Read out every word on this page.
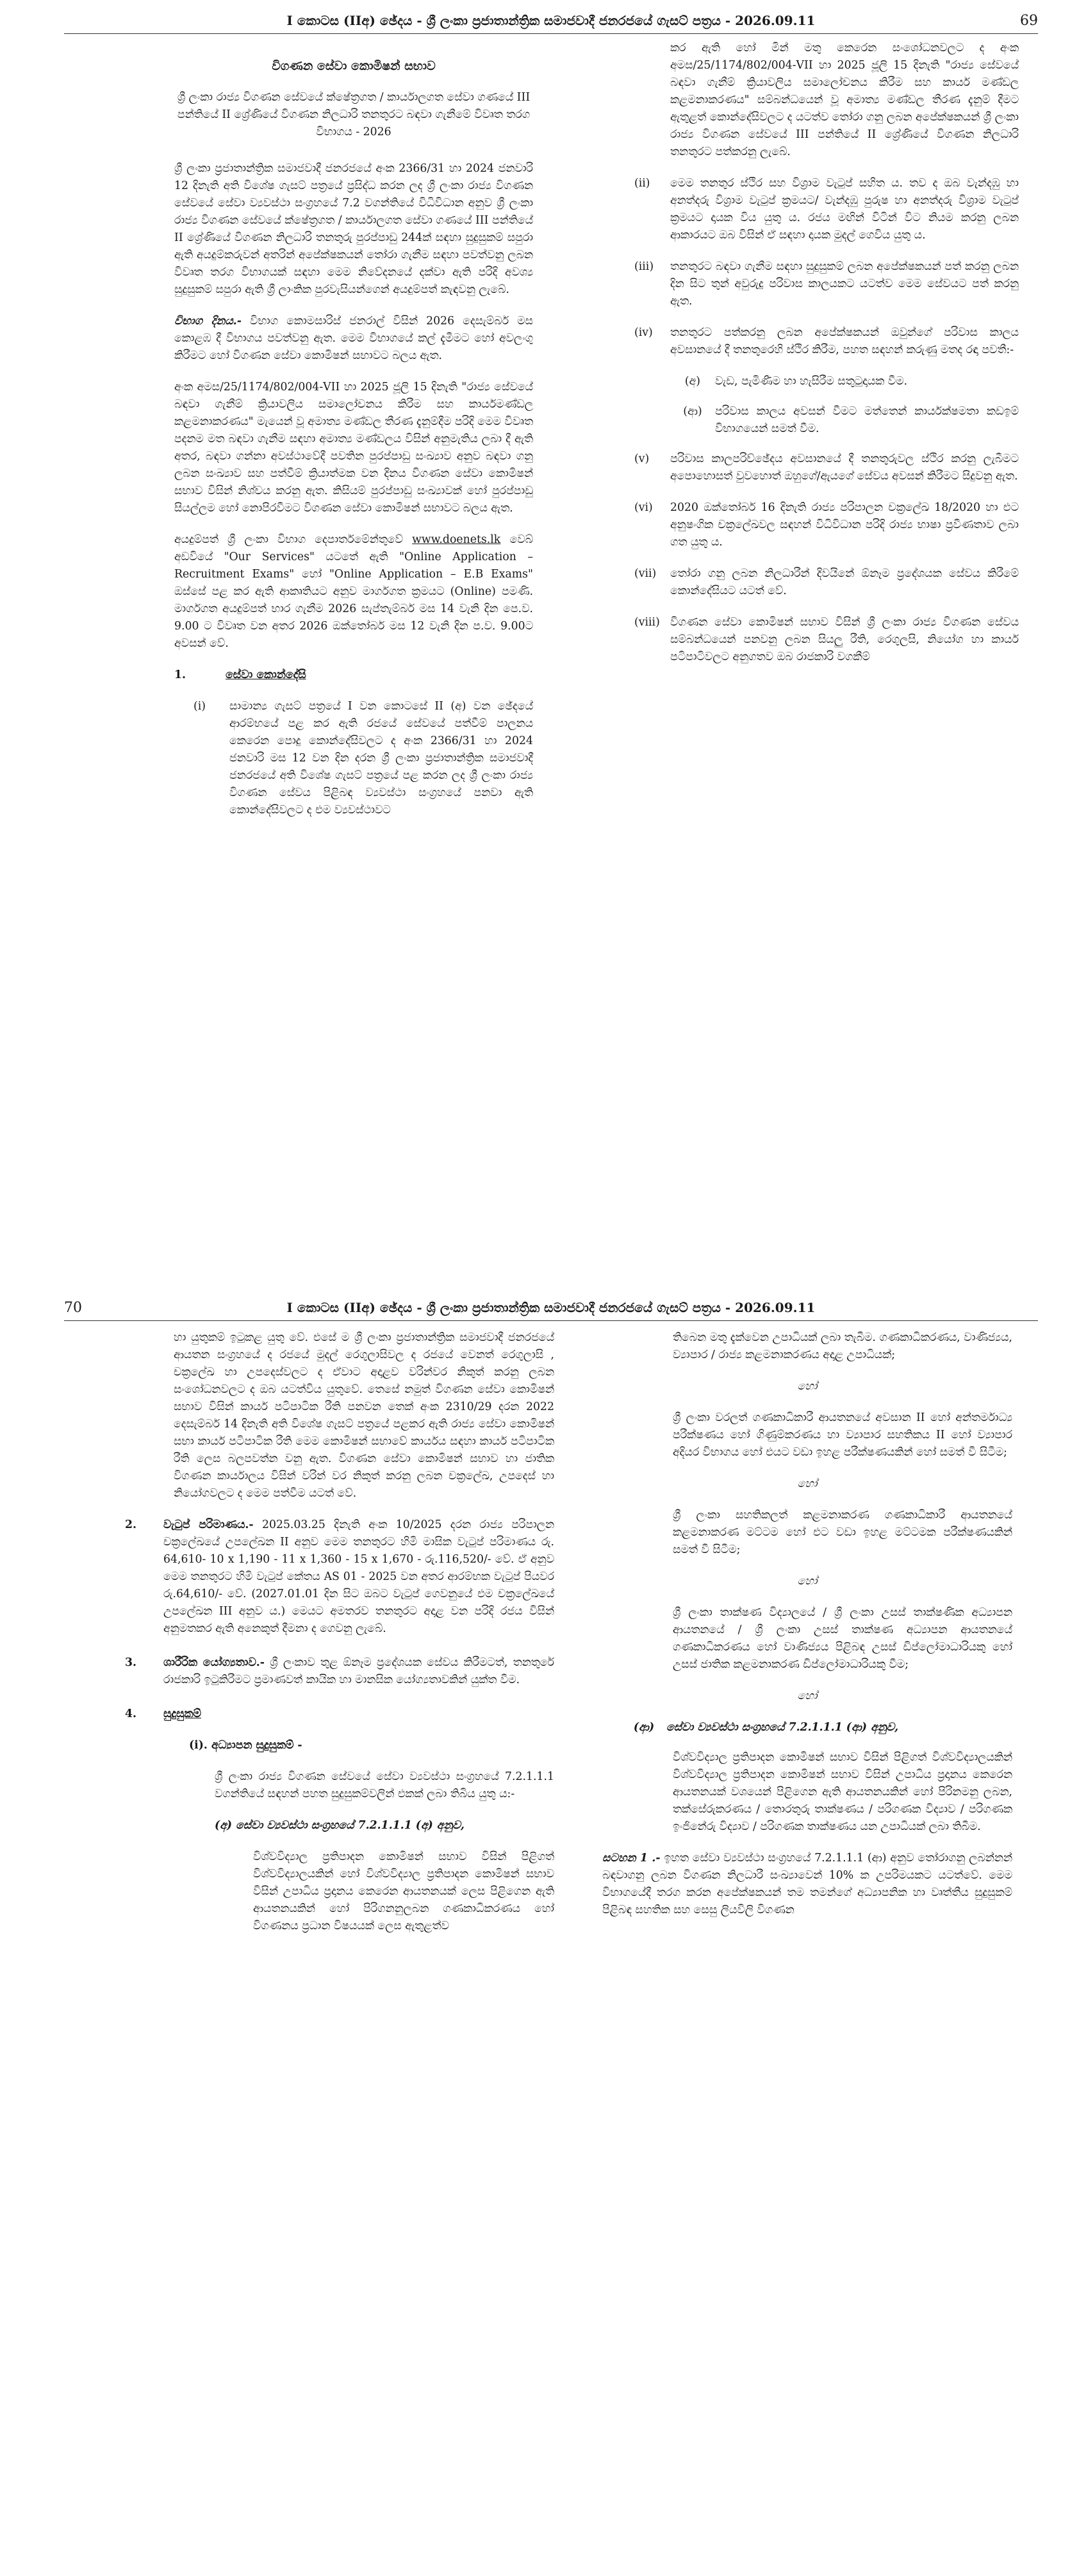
I කොටස (IIඅ) ඡේදය - ශ්‍රී ලංකා ප්‍රජාතාන්ත්‍රික සමාජවාදී ජනරජයේ ගැසට් පත්‍රය - 2026.09.11	69
විගණන සේවා කොමිෂන් සභාව

ශ්‍රී ලංකා රාජ්‍ය විගණන සේවයේ ක්ෂේත්‍රගත / කාර්යාලගත සේවා ගණයේ III පන්තියේ II ශ්‍රේණියේ විගණන නිලධාරි තනතුරට බඳවා ගැනීමේ විවෘත තරග විභාගය - 2026

ශ්‍රී ලංකා ප්‍රජාතාන්ත්‍රික සමාජවාදී ජනරජයේ අංක 2366/31 හා 2024 ජනවාරි 12 දිනැති අති විශේෂ ගැසට් පත්‍රයේ ප්‍රසිද්ධ කරන ලද ශ්‍රී ලංකා රාජ්‍ය විගණන සේවයේ සේවා ව්‍යවස්ථා සංග්‍රහයේ 7.2 වගන්තියේ විධිවිධාන අනුව ශ්‍රී ලංකා රාජ්‍ය විගණන සේවයේ ක්ෂේත්‍රගත / කාර්යාලගත සේවා ගණයේ III පන්තියේ II ශ්‍රේණියේ විගණන නිලධාරි තනතුරු පුරප්පාඩු 244ක් සඳහා සුදුසුකම් සපුරා ඇති අයදුම්කරුවන් අතරින් අපේක්ෂකයන් තෝරා ගැනීම සඳහා පවත්වනු ලබන විවෘත තරග විභාගයක් සඳහා මෙම නිවේදනයේ දක්වා ඇති පරිදි අවශ්‍ය සුදුසුකම් සපුරා ඇති ශ්‍රී ලාංකික පුරවැසියන්ගෙන් අයදුම්පත් කැඳවනු ලැබේ.

විභාග දිනය.- විභාග කොමසාරිස් ජනරාල් විසින් 2026 දෙසැම්බර් මස කොළඹ දී විභාගය පවත්වනු ඇත. මෙම විභාගයේ කල් දැමීමට හෝ අවලංගු කිරීමට හෝ විගණන සේවා කොමිෂන් සභාවට බලය ඇත.

අංක අමස/25/1174/802/004-VII හා 2025 ජූලි 15 දිනැති "රාජ්‍ය සේවයේ බඳවා ගැනීම් ක්‍රියාවලිය සමාලෝචනය කිරීම සහ කාර්යමණ්ඩල කළමනාකරණය" මැයෙන් වූ අමාත්‍ය මණ්ඩල තීරණ දැනුම්දීම පරිදි මෙම විවෘත පදනම මත බඳවා ගැනීම සඳහා අමාත්‍ය මණ්ඩලය විසින් අනුමැතිය ලබා දී ඇති අතර, බඳවා ගන්නා අවස්ථාවේදී පවතින පුරප්පාඩු සංඛ්‍යාව අනුව බඳවා ගනු ලබන සංඛ්‍යාව සහ පත්වීම් ක්‍රියාත්මක වන දිනය විගණන සේවා කොමිෂන් සභාව විසින් නිශ්චය කරනු ඇත. කිසියම් පුරප්පාඩු සංඛ්‍යාවක් හෝ පුරප්පාඩු සියල්ලම හෝ නොපිරවීමට විගණන සේවා කොමිෂන් සභාවට බලය ඇත.

අයදුම්පත් ශ්‍රී ලංකා විභාග දෙපාර්තමේන්තුවේ www.doenets.lk වෙබ් අඩවියේ "Our Services" යටතේ ඇති "Online Application – Recruitment Exams" හෝ "Online Application – E.B Exams" ඔස්සේ පළ කර ඇති ආකෘතියට අනුව මාර්ගගත ක්‍රමයට (Online) පමණි. මාර්ගගත අයදුම්පත් භාර ගැනීම 2026 සැප්තැම්බර් මස 14 වැනි දින පෙ.ව. 9.00 ට විවෘත වන අතර 2026 ඔක්තෝබර් මස 12 වැනි දින ප.ව. 9.00ට අවසන් වේ.

1.	සේවා කොන්දේසි
(i)	සාමාන්‍ය ගැසට් පත්‍රයේ I වන කොටසේ II (අ) වන ඡේදයේ ආරම්භයේ පළ කර ඇති රජයේ සේවයේ පත්වීම් පාලනය කෙරෙන පොදු කොන්දේසිවලට ද අංක 2366/31 හා 2024 ජනවාරි මස 12 වන දින දරන ශ්‍රී ලංකා ප්‍රජාතාන්ත්‍රික සමාජවාදී ජනරජයේ අති විශේෂ ගැසට් පත්‍රයේ පළ කරන ලද ශ්‍රී ලංකා රාජ්‍ය විගණන සේවය පිළිබඳ ව්‍යවස්ථා සංග්‍රහයේ පනවා ඇති කොන්දේසිවලට ද එම ව්‍යවස්ථාවට

කර ඇති හෝ මින් මතු කෙරෙන සංශෝධනවලට ද අංක අමස/25/1174/802/004-VII හා 2025 ජූලි 15 දිනැති "රාජ්‍ය සේවයේ බඳවා ගැනීම් ක්‍රියාවලිය සමාලෝචනය කිරීම සහ කාර්ය මණ්ඩල කළමනාකරණය" සම්බන්ධයෙන් වූ අමාත්‍ය මණ්ඩල තීරණ දැනුම් දීමට ඇතුළත් කොන්දේසිවලට ද යටත්ව තෝරා ගනු ලබන අපේක්ෂකයන් ශ්‍රී ලංකා රාජ්‍ය විගණන සේවයේ III පන්තියේ II ශ්‍රේණියේ විගණන නිලධාරි තනතුරට පත්කරනු ලැබේ.

(ii)	මෙම තනතුර ස්ථිර සහ විශ්‍රාම වැටුප් සහිත ය. තව ද ඔබ වැන්දඹු හා අනත්දරු විශ්‍රාම වැටුප් ක්‍රමයට/ වැන්දඹු පුරුෂ හා අනත්දරු විශ්‍රාම වැටුප් ක්‍රමයට දායක විය යුතු ය. රජය මඟින් විටින් විට නියම කරනු ලබන ආකාරයට ඔබ විසින් ඒ සඳහා දායක මුදල් ගෙවිය යුතු ය.
(iii)	තනතුරට බඳවා ගැනීම සඳහා සුදුසුකම් ලබන අපේක්ෂකයන් පත් කරනු ලබන දින සිට තුන් අවුරුදු පරිවාස කාලයකට යටත්ව මෙම සේවයට පත් කරනු ඇත.
(iv)	තනතුරට පත්කරනු ලබන අපේක්ෂකයන් ඔවුන්ගේ පරිවාස කාලය අවසානයේ දී තනතුරෙහි ස්ථිර කිරීම, පහත සඳහන් කරුණු මතද රඳා පවතී:-
(අ)	වැඩ, පැමිණීම හා හැසිරීම සතුටුදායක වීම.
(ආ)	පරිවාස කාලය අවසන් වීමට මත්තෙන් කාර්යක්ෂමතා කඩඉම් විභාගයෙන් සමත් වීම.
(v)	පරිවාස කාලපරිච්ඡේදය අවසානයේ දී තනතුරුවල ස්ථිර කරනු ලැබීමට අපොහොසත් වුවහොත් ඔහුගේ/ඇයගේ සේවය අවසන් කිරීමට සිදුවනු ඇත.
(vi)	2020 ඔක්තෝබර් 16 දිනැති රාජ්‍ය පරිපාලන චක්‍රලේඛ 18/2020 හා එට අනුෂංගික චක්‍රලේඛවල සඳහන් විධිවිධාන පරිදි රාජ්‍ය භාෂා ප්‍රවීණතාව ලබා ගත යුතු ය.
(vii)	තෝරා ගනු ලබන නිලධාරීන් දිවයිනේ ඕනෑම ප්‍රදේශයක සේවය කිරීමේ කොන්දේසියට යටත් වේ.
(viii) විගණන සේවා කොමිෂන් සභාව විසින් ශ්‍රී ලංකා රාජ්‍ය විගණන සේවය සම්බන්ධයෙන් පනවනු ලබන සියලු රීති, රෙගුලසි, නියෝග හා කාර්ය පටිපාටිවලට අනුගතව ඔබ රාජකාරි වගකීම්
70	I කොටස (IIඅ) ඡේදය - ශ්‍රී ලංකා ප්‍රජාතාන්ත්‍රික සමාජවාදී ජනරජයේ ගැසට් පත්‍රය - 2026.09.11

හා යුතුකම් ඉටුකළ යුතු වේ. එසේ ම ශ්‍රී ලංකා ප්‍රජාතාන්ත්‍රික සමාජවාදී ජනරජයේ ආයතන සංග්‍රහයේ ද රජයේ මුදල් රෙගුලාසිවල ද රජයේ වෙනත් රෙගුලාසි , චක්‍රලේඛ හා උපදෙස්වලට ද ඒවාට අදාළව වරින්වර නිකුත් කරනු ලබන සංශෝධනවලට ද ඔබ යටත්විය යුතුවේ. තෙසේ නමුත් විගණන සේවා කොමිෂන් සභාව විසින් කාර්ය පටිපාටික රීති පනවන තෙක් අංක 2310/29 දරන 2022 දෙසැම්බර් 14 දිනැති අති විශේෂ ගැසට් පත්‍රයේ පළකර ඇති රාජ්‍ය සේවා කොමිෂන් සභා කාර්ය පටිපාටික රීති මෙම කොමිෂන් සභාවේ කාර්යය සඳහා කාර්ය පටිපාටික රීති ලෙස බලපවත්න වනු ඇත. විගණන සේවා කොමිෂන් සභාව හා ජාතික විගණන කාර්යාලය විසින් වරින් වර නිකුත් කරනු ලබන චක්‍රලේඛ, උපදෙස් හා නියෝගවලට ද මෙම පත්වීම යටත් වේ.

2.	වැටුප් පරිමාණය.- 2025.03.25 දිනැති අංක 10/2025 දරන රාජ්‍ය පරිපාලන චක්‍රලේඛයේ උපලේඛන II අනුව මෙම තනතුරට හිමි මාසික වැටුප් පරිමාණය රු. 64,610- 10 x 1,190 - 11 x 1,360 - 15 x 1,670 - රු.116,520/- වේ. ඒ අනුව මෙම තනතුරට හිමි වැටුප් කේතය AS 01 - 2025 වන අතර ආරම්භක වැටුප් පියවර රු.64,610/- වේ. (2027.01.01 දින සිට ඔබට වැටුප් ගෙවනුයේ එම චක්‍රලේඛයේ උපලේඛන III අනුව ය.) මෙයට අමතරව තනතුරට අදාළ වන පරිදි රජය විසින් අනුමතකර ඇති අනෙකුත් දීමනා ද ගෙවනු ලැබේ.
3.	ශාරීරික යෝග්‍යතාව.- ශ්‍රී ලංකාව තුළ ඕනෑම ප්‍රදේශයක සේවය කිරීමටත්, තනතුරේ රාජකාරි ඉටුකිරීමට ප්‍රමාණවත් කායික හා මානසික යෝග්‍යතාවකින් යුක්ත වීම.
4.	සුදුසුකම්

(i). අධ්‍යාපන සුදුසුකම් -

ශ්‍රී ලංකා රාජ්‍ය විගණන සේවයේ සේවා ව්‍යවස්ථා සංග්‍රහයේ 7.2.1.1.1 වගන්තියේ සඳහන් පහත සුදුසුකම්වලින් එකක් ලබා තිබිය යුතු ය:-

(අ) සේවා ව්‍යවස්ථා සංග්‍රහයේ 7.2.1.1.1 (අ) අනුව,

විශ්වවිද්‍යාල ප්‍රතිපාදන කොමිෂන් සභාව විසින් පිළිගත් විශ්වවිද්‍යාලයකින් හෝ විශ්වවිද්‍යාල ප්‍රතිපාදන කොමිෂන් සභාව විසින් උපාධිය ප්‍රදානය කෙරෙන ආයතනයක් ලෙස පිළිගෙන ඇති ආයතනයකින් හෝ පිරිගනනුලබන ගණකාධිකරණය හෝ විගණනය ප්‍රධාන විෂයයක් ලෙස ඇතුළත්ව

තිබෙන මතු දැක්වෙන උපාධියක් ලබා තැබීම. ගණකාධිකරණය, වාණිජ්‍යය, ව්‍යාපාර / රාජ්‍ය කළමනාකරණය අදාළ උපාධියක්;

හෝ

ශ්‍රී ලංකා වරලත් ගණකාධිකාරී ආයතනයේ අවසාන II හෝ අන්තර්මාධ්‍ය පරීක්ෂණය හෝ ගිණුම්කරණය හා ව්‍යාපාර සහතිකය II හෝ ව්‍යාපාර අදියර විභාගය හෝ එයට වඩා ඉහළ පරීක්ෂණයකින් හෝ සමත් වී සිටීම;

හෝ

ශ්‍රී ලංකා සහතිකලත් කළමනාකරණ ගණකාධිකාරී ආයතනයේ කළමනාකරණ මට්ටම හෝ එට වඩා ඉහළ මට්ටමක පරීක්ෂණයකින් සමත් වී සිටීම;

හෝ

ශ්‍රී ලංකා තාක්ෂණ විද්‍යාලයේ / ශ්‍රී ලංකා උසස් තාක්ෂණික අධ්‍යාපන ආයතනයේ / ශ්‍රී ලංකා උසස් තාක්ෂණ අධ්‍යාපන ආයතනයේ ගණකාධිකරණය හෝ වාණිජ්‍යය පිළිබඳ උසස් ඩිප්ලෝමාධාරියකු හෝ උසස් ජාතික කළමනාකරණ ඩිප්ලෝමාධාරියකු වීම;

හෝ

(ආ)	සේවා ව්‍යවස්ථා සංග්‍රහයේ 7.2.1.1.1 (ආ) අනුව,

විශ්වවිද්‍යාල ප්‍රතිපාදන කොමිෂන් සභාව විසින් පිළිගත් විශ්වවිද්‍යාලයකින් විශ්වවිද්‍යාල ප්‍රතිපාදන කොමිෂන් සභාව විසින් උපාධිය ප්‍රදානය කෙරෙන ආයතනයක් වශයෙන් පිළිගෙන ඇති ආයතනයකින් හෝ පිරිනමනු ලබන, තක්සේරුකරණය / තොරතුරු තාක්ෂණය / පරිගණක විද්‍යාව / පරිගණක ඉංජිනේරු විද්‍යාව / පරිගණක තාක්ෂණය යන උපාධියක් ලබා තිබීම.

සටහන 1 .- ඉහත සේවා ව්‍යවස්ථා සංග්‍රහයේ 7.2.1.1.1 (ආ) අනුව තෝරාගනු ලබන්නන් බඳවාගනු ලබන විගණන නිලධාරී සංඛ්‍යාවෙන් 10% ක උපරිමයකට යටත්වේ. මෙම විභාගයේදී තරග කරන අපේක්ෂකයන් තම තමන්ගේ අධ්‍යාපනික හා වෘත්තීය සුදුසුකම් පිළිබඳ සහතික සහ සෙසු ලියවිලි විගණන
